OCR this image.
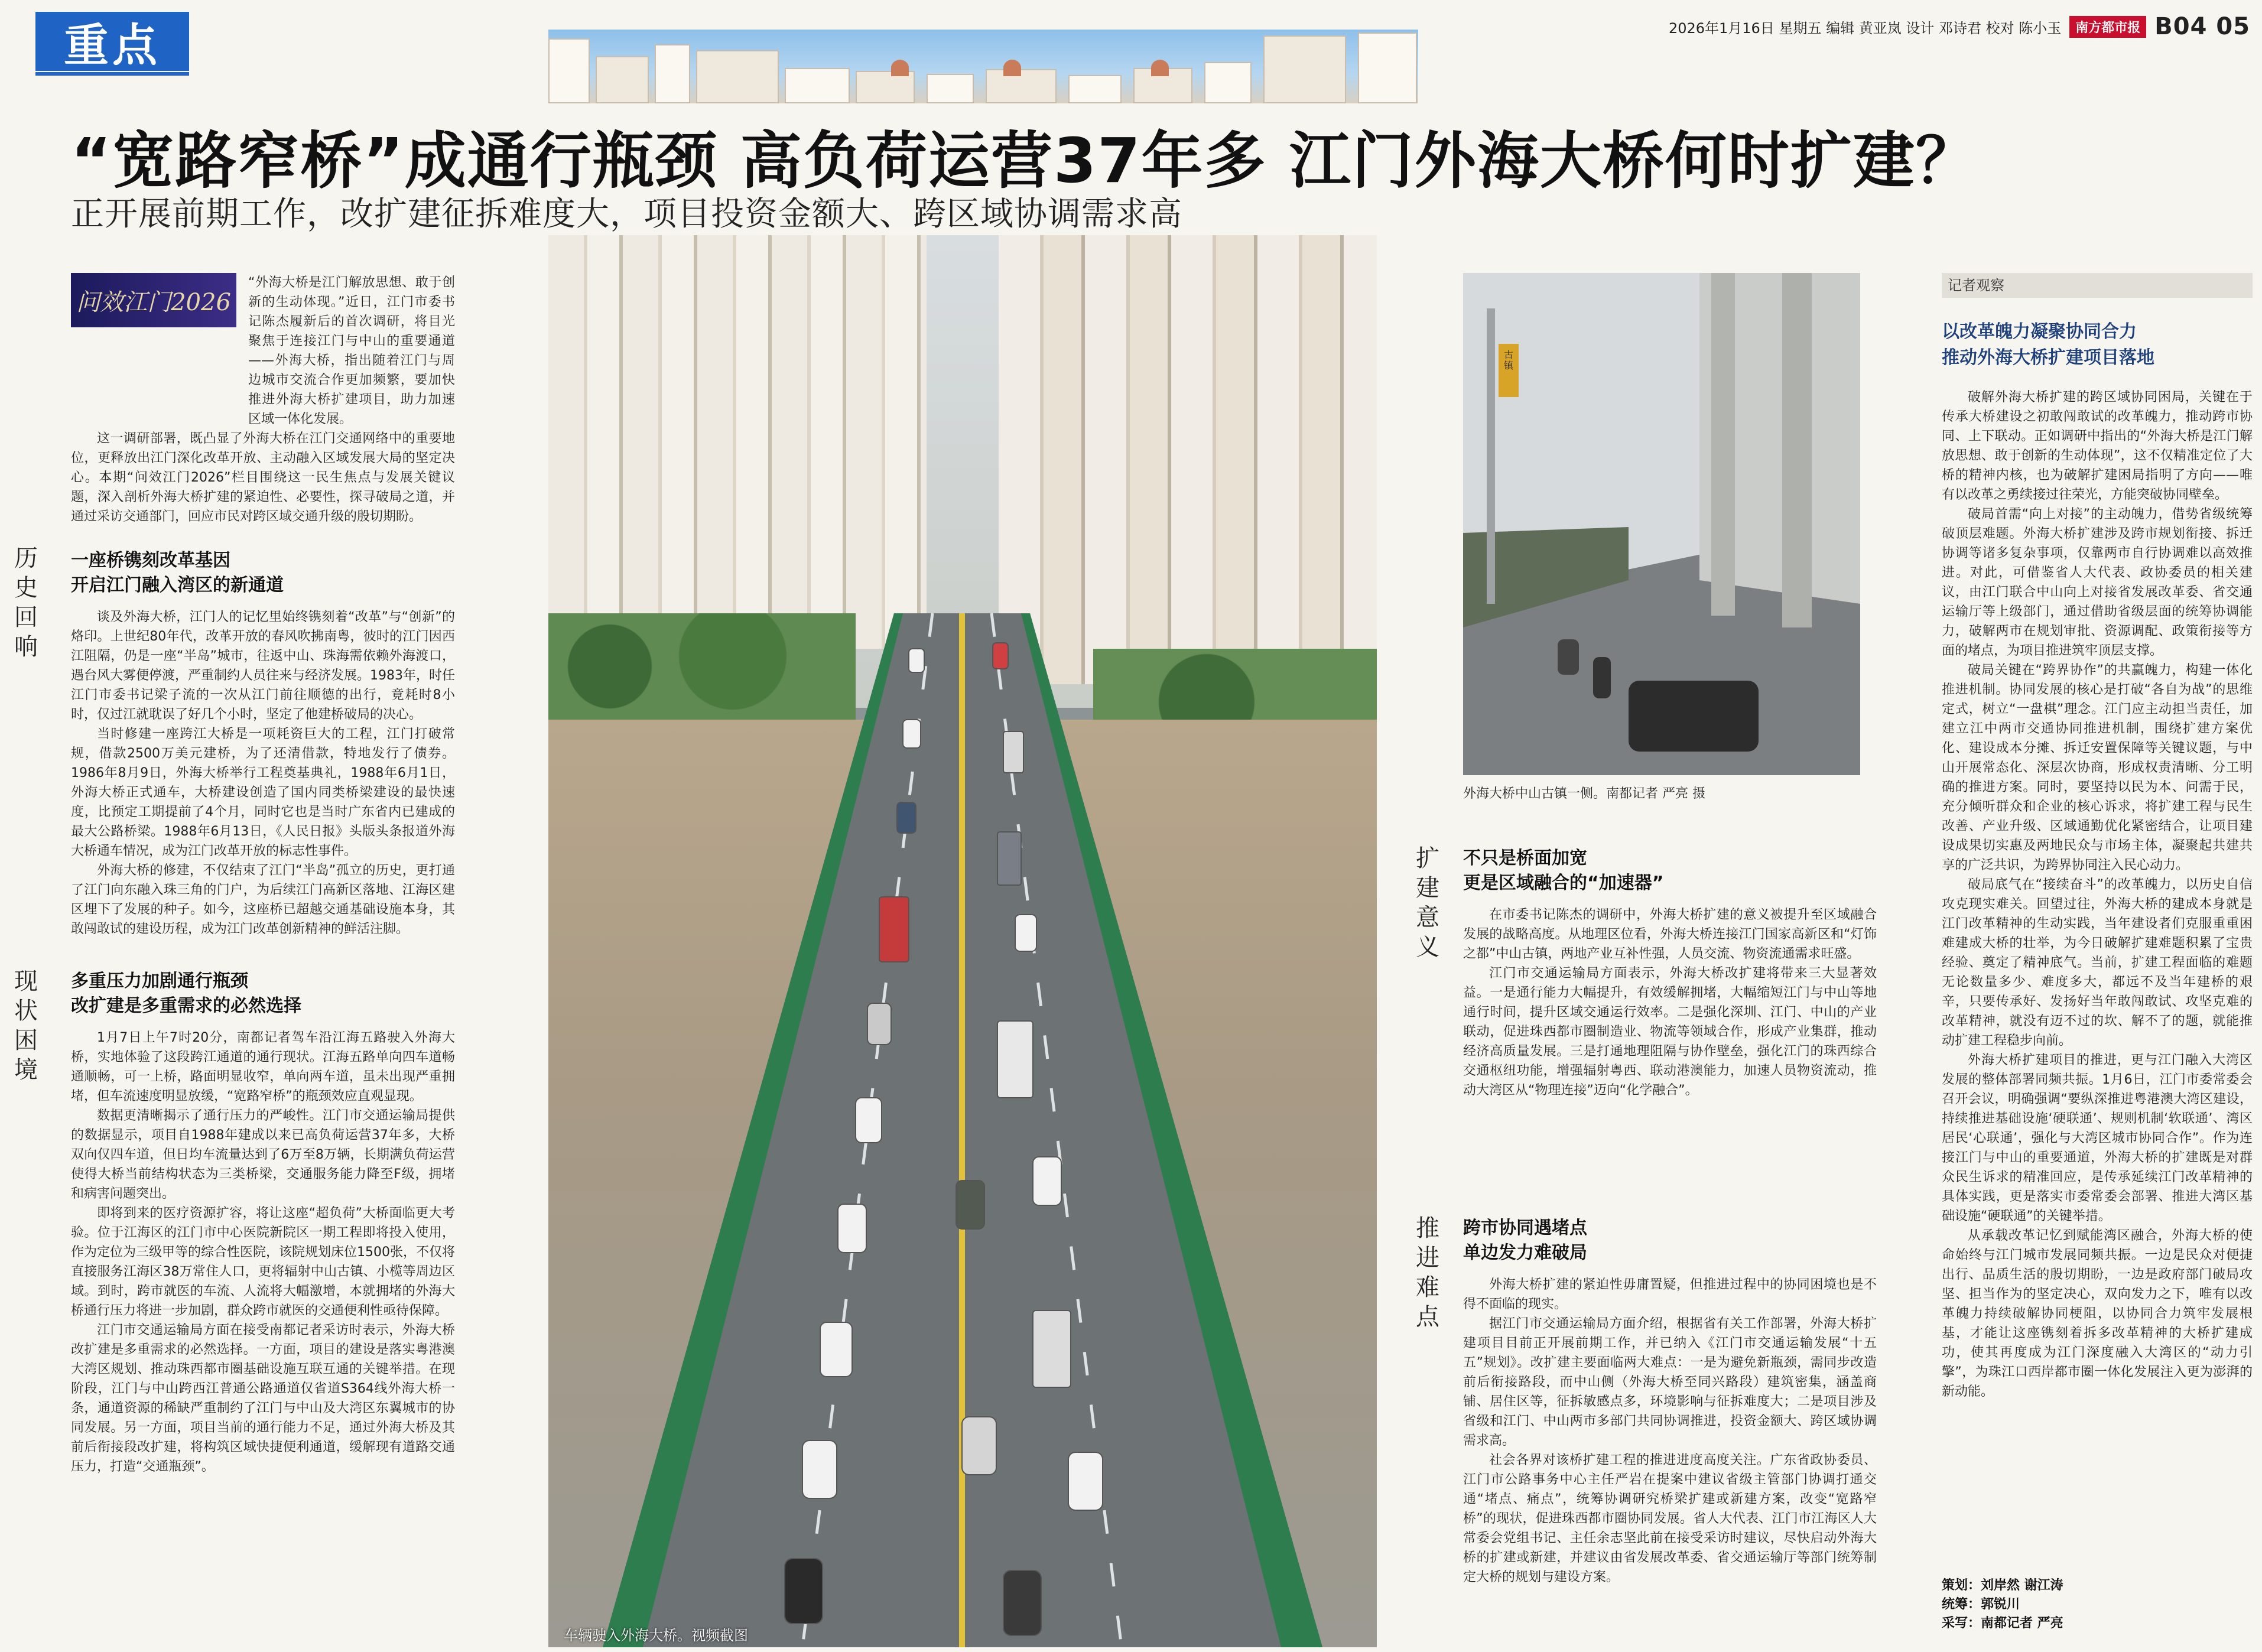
重点	2026年1月16日 星期五 编辑 黄亚岚 设计 邓诗君 校对 陈小玉	南方都市报 B04 05
“宽路窄桥”成通行瓶颈 高负荷运营37年多 江门外海大桥何时扩建？
正开展前期工作，改扩建征拆难度大，项目投资金额大、跨区域协调需求高
问效江门2026

“外海大桥是江门解放思想、敢于创新的生动体现。”近日，江门市委书记陈杰履新后的首次调研，将目光聚焦于连接江门与中山的重要通道——外海大桥，指出随着江门与周边城市交流合作更加频繁，要加快推进外海大桥扩建项目，助力加速区域一体化发展。

这一调研部署，既凸显了外海大桥在江门交通网络中的重要地位，更释放出江门深化改革开放、主动融入区域发展大局的坚定决心。本期“问效江门2026”栏目围绕这一民生焦点与发展关键议题，深入剖析外海大桥扩建的紧迫性、必要性，探寻破局之道，并通过采访交通部门，回应市民对跨区域交通升级的殷切期盼。

历史回响
一座桥镌刻改革基因
开启江门融入湾区的新通道

谈及外海大桥，江门人的记忆里始终镌刻着“改革”与“创新”的烙印。上世纪80年代，改革开放的春风吹拂南粤，彼时的江门因西江阻隔，仍是一座“半岛”城市，往返中山、珠海需依赖外海渡口，遇台风大雾便停渡，严重制约人员往来与经济发展。1983年，时任江门市委书记梁子流的一次从江门前往顺德的出行，竟耗时8小时，仅过江就耽误了好几个小时，坚定了他建桥破局的决心。

当时修建一座跨江大桥是一项耗资巨大的工程，江门打破常规，借款2500万美元建桥，为了还清借款，特地发行了债券。1986年8月9日，外海大桥举行工程奠基典礼，1988年6月1日，外海大桥正式通车，大桥建设创造了国内同类桥梁建设的最快速度，比预定工期提前了4个月，同时它也是当时广东省内已建成的最大公路桥梁。1988年6月13日，《人民日报》头版头条报道外海大桥通车情况，成为江门改革开放的标志性事件。

外海大桥的修建，不仅结束了江门“半岛”孤立的历史，更打通了江门向东融入珠三角的门户，为后续江门高新区落地、江海区建区埋下了发展的种子。如今，这座桥已超越交通基础设施本身，其敢闯敢试的建设历程，成为江门改革创新精神的鲜活注脚。

现状困境
多重压力加剧通行瓶颈
改扩建是多重需求的必然选择

1月7日上午7时20分，南都记者驾车沿江海五路驶入外海大桥，实地体验了这段跨江通道的通行现状。江海五路单向四车道畅通顺畅，可一上桥，路面明显收窄，单向两车道，虽未出现严重拥堵，但车流速度明显放缓，“宽路窄桥”的瓶颈效应直观显现。

数据更清晰揭示了通行压力的严峻性。江门市交通运输局提供的数据显示，项目自1988年建成以来已高负荷运营37年多，大桥双向仅四车道，但日均车流量达到了6万至8万辆，长期满负荷运营使得大桥当前结构状态为三类桥梁，交通服务能力降至F级，拥堵和病害问题突出。

即将到来的医疗资源扩容，将让这座“超负荷”大桥面临更大考验。位于江海区的江门市中心医院新院区一期工程即将投入使用，作为定位为三级甲等的综合性医院，该院规划床位1500张，不仅将直接服务江海区38万常住人口，更将辐射中山古镇、小榄等周边区域。到时，跨市就医的车流、人流将大幅激增，本就拥堵的外海大桥通行压力将进一步加剧，群众跨市就医的交通便利性亟待保障。

江门市交通运输局方面在接受南都记者采访时表示，外海大桥改扩建是多重需求的必然选择。一方面，项目的建设是落实粤港澳大湾区规划、推动珠西都市圈基础设施互联互通的关键举措。在现阶段，江门与中山跨西江普通公路通道仅省道S364线外海大桥一条，通道资源的稀缺严重制约了江门与中山及大湾区东翼城市的协同发展。另一方面，项目当前的通行能力不足，通过外海大桥及其前后衔接段改扩建，将构筑区域快捷便利通道，缓解现有道路交通压力，打造“交通瓶颈”。

车辆驶入外海大桥。视频截图
古镇
外海大桥中山古镇一侧。南都记者 严亮 摄
扩建意义
不只是桥面加宽
更是区域融合的“加速器”

在市委书记陈杰的调研中，外海大桥扩建的意义被提升至区域融合发展的战略高度。从地理区位看，外海大桥连接江门国家高新区和“灯饰之都”中山古镇，两地产业互补性强，人员交流、物资流通需求旺盛。

江门市交通运输局方面表示，外海大桥改扩建将带来三大显著效益。一是通行能力大幅提升，有效缓解拥堵，大幅缩短江门与中山等地通行时间，提升区域交通运行效率。二是强化深圳、江门、中山的产业联动，促进珠西都市圈制造业、物流等领域合作，形成产业集群，推动经济高质量发展。三是打通地理阻隔与协作壁垒，强化江门的珠西综合交通枢纽功能，增强辐射粤西、联动港澳能力，加速人员物资流动，推动大湾区从“物理连接”迈向“化学融合”。

推进难点
跨市协同遇堵点
单边发力难破局

外海大桥扩建的紧迫性毋庸置疑，但推进过程中的协同困境也是不得不面临的现实。

据江门市交通运输局方面介绍，根据省有关工作部署，外海大桥扩建项目目前正开展前期工作，并已纳入《江门市交通运输发展“十五五”规划》。改扩建主要面临两大难点：一是为避免新瓶颈，需同步改造前后衔接路段，而中山侧（外海大桥至同兴路段）建筑密集，涵盖商铺、居住区等，征拆敏感点多，环境影响与征拆难度大；二是项目涉及省级和江门、中山两市多部门共同协调推进，投资金额大、跨区域协调需求高。

社会各界对该桥扩建工程的推进进度高度关注。广东省政协委员、江门市公路事务中心主任严岩在提案中建议省级主管部门协调打通交通“堵点、痛点”，统筹协调研究桥梁扩建或新建方案，改变“宽路窄桥”的现状，促进珠西都市圈协同发展。省人大代表、江门市江海区人大常委会党组书记、主任余志坚此前在接受采访时建议，尽快启动外海大桥的扩建或新建，并建议由省发展改革委、省交通运输厅等部门统筹制定大桥的规划与建设方案。

记者观察
以改革魄力凝聚协同合力
推动外海大桥扩建项目落地

破解外海大桥扩建的跨区域协同困局，关键在于传承大桥建设之初敢闯敢试的改革魄力，推动跨市协同、上下联动。正如调研中指出的“外海大桥是江门解放思想、敢于创新的生动体现”，这不仅精准定位了大桥的精神内核，也为破解扩建困局指明了方向——唯有以改革之勇续接过往荣光，方能突破协同壁垒。

破局首需“向上对接”的主动魄力，借势省级统筹破顶层难题。外海大桥扩建涉及跨市规划衔接、拆迁协调等诸多复杂事项，仅靠两市自行协调难以高效推进。对此，可借鉴省人大代表、政协委员的相关建议，由江门联合中山向上对接省发展改革委、省交通运输厅等上级部门，通过借助省级层面的统筹协调能力，破解两市在规划审批、资源调配、政策衔接等方面的堵点，为项目推进筑牢顶层支撑。

破局关键在“跨界协作”的共赢魄力，构建一体化推进机制。协同发展的核心是打破“各自为战”的思维定式，树立“一盘棋”理念。江门应主动担当责任，加建立江中两市交通协同推进机制，围绕扩建方案优化、建设成本分摊、拆迁安置保障等关键议题，与中山开展常态化、深层次协商，形成权责清晰、分工明确的推进方案。同时，要坚持以民为本、问需于民，充分倾听群众和企业的核心诉求，将扩建工程与民生改善、产业升级、区域通勤优化紧密结合，让项目建设成果切实惠及两地民众与市场主体，凝聚起共建共享的广泛共识，为跨界协同注入民心动力。

破局底气在“接续奋斗”的改革魄力，以历史自信攻克现实难关。回望过往，外海大桥的建成本身就是江门改革精神的生动实践，当年建设者们克服重重困难建成大桥的壮举，为今日破解扩建难题积累了宝贵经验、奠定了精神底气。当前，扩建工程面临的难题无论数量多少、难度多大，都远不及当年建桥的艰辛，只要传承好、发扬好当年敢闯敢试、攻坚克难的改革精神，就没有迈不过的坎、解不了的题，就能推动扩建工程稳步向前。

外海大桥扩建项目的推进，更与江门融入大湾区发展的整体部署同频共振。1月6日，江门市委常委会召开会议，明确强调“要纵深推进粤港澳大湾区建设，持续推进基础设施‘硬联通’、规则机制‘软联通’、湾区居民‘心联通’，强化与大湾区城市协同合作”。作为连接江门与中山的重要通道，外海大桥的扩建既是对群众民生诉求的精准回应，是传承延续江门改革精神的具体实践，更是落实市委常委会部署、推进大湾区基础设施“硬联通”的关键举措。

从承载改革记忆到赋能湾区融合，外海大桥的使命始终与江门城市发展同频共振。一边是民众对便捷出行、品质生活的殷切期盼，一边是政府部门破局攻坚、担当作为的坚定决心，双向发力之下，唯有以改革魄力持续破解协同梗阻，以协同合力筑牢发展根基，才能让这座镌刻着拆多改革精神的大桥扩建成功，使其再度成为江门深度融入大湾区的“动力引擎”，为珠江口西岸都市圈一体化发展注入更为澎湃的新动能。

策划：刘岸然 谢江涛
统筹：郭锐川
采写：南都记者 严亮
